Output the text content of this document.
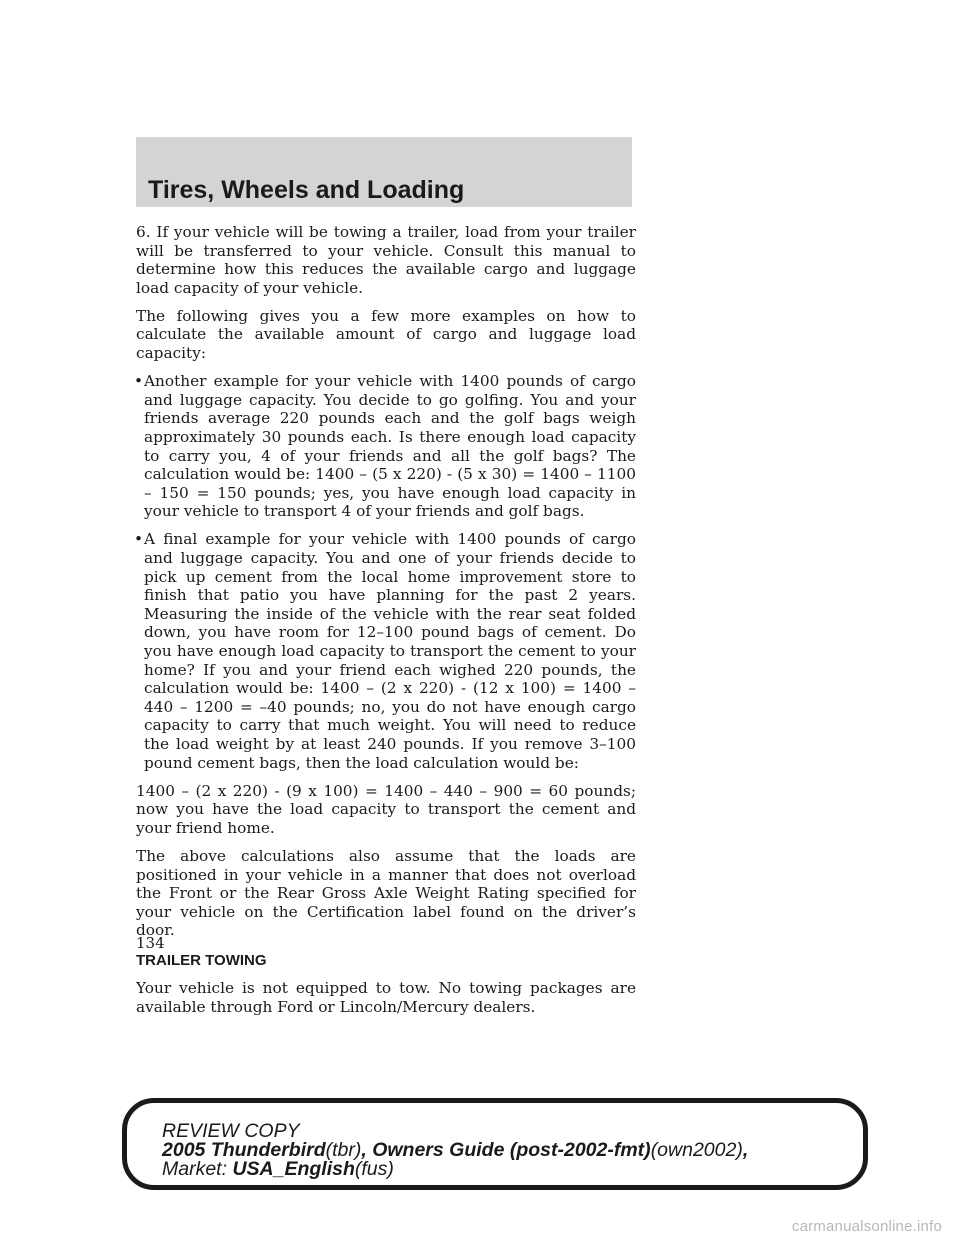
Tires, Wheels and Loading

6. If your vehicle will be towing a trailer, load from your trailer will be transferred to your vehicle. Consult this manual to determine how this reduces the available cargo and luggage load capacity of your vehicle.

The following gives you a few more examples on how to calculate the available amount of cargo and luggage load capacity:

• Another example for your vehicle with 1400 pounds of cargo and luggage capacity. You decide to go golfing. You and your friends average 220 pounds each and the golf bags weigh approximately 30 pounds each. Is there enough load capacity to carry you, 4 of your friends and all the golf bags? The calculation would be: 1400 – (5 x 220) - (5 x 30) = 1400 – 1100 – 150 = 150 pounds; yes, you have enough load capacity in your vehicle to transport 4 of your friends and golf bags.
• A final example for your vehicle with 1400 pounds of cargo and luggage capacity. You and one of your friends decide to pick up cement from the local home improvement store to finish that patio you have planning for the past 2 years. Measuring the inside of the vehicle with the rear seat folded down, you have room for 12–100 pound bags of cement. Do you have enough load capacity to transport the cement to your home? If you and your friend each wighed 220 pounds, the calculation would be: 1400 – (2 x 220) - (12 x 100) = 1400 – 440 – 1200 = –40 pounds; no, you do not have enough cargo capacity to carry that much weight. You will need to reduce the load weight by at least 240 pounds. If you remove 3–100 pound cement bags, then the load calculation would be:

1400 – (2 x 220) - (9 x 100) = 1400 – 440 – 900 = 60 pounds; now you have the load capacity to transport the cement and your friend home.

The above calculations also assume that the loads are positioned in your vehicle in a manner that does not overload the Front or the Rear Gross Axle Weight Rating specified for your vehicle on the Certification label found on the driver’s door.

TRAILER TOWING

Your vehicle is not equipped to tow. No towing packages are available through Ford or Lincoln/Mercury dealers.

134
REVIEW COPY
2005 Thunderbird(tbr), Owners Guide (post-2002-fmt)(own2002),
Market: USA_English(fus)
carmanualsonline.info
